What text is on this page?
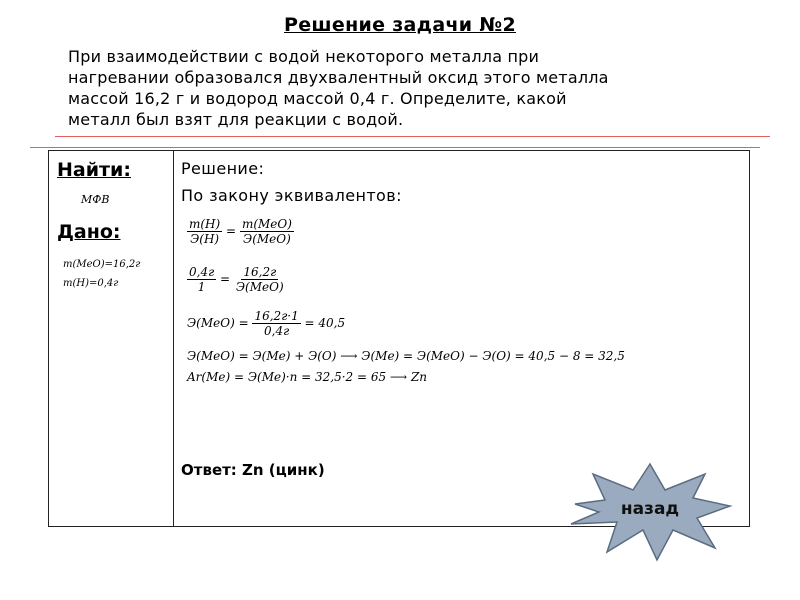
Решение задачи №2
При взаимодействии с водой некоторого металла при
нагревании образовался двухвалентный оксид этого металла
массой 16,2 г и водород массой 0,4 г. Определите, какой
металл был взят для реакции с водой.
Найти:
МФВ
Дано:
m(MeO)=16,2г
m(H)=0,4г
Решение:
По закону эквивалентов:
$\frac{m(H)}{Э(Н)} = \frac{\text{m(MeO)}}{\text{Э(MeO)}}$
$\frac{0,4г}{1} = \frac{16,2г}{\text{Э(MeO)}}$
$Э(MeO) = \frac{16,2г\cdot 1}{0,4г} = 40,5$
Э(MeO) = Э(Me) + Э(O) ⟶ Э(Me) = Э(MeO) − Э(O) = 40,5 − 8 = 32,5
Ar(Me) = Э(Me)·n = 32,5·2 = 65 ⟶ Zn
Ответ: Zn (цинк)
назад
